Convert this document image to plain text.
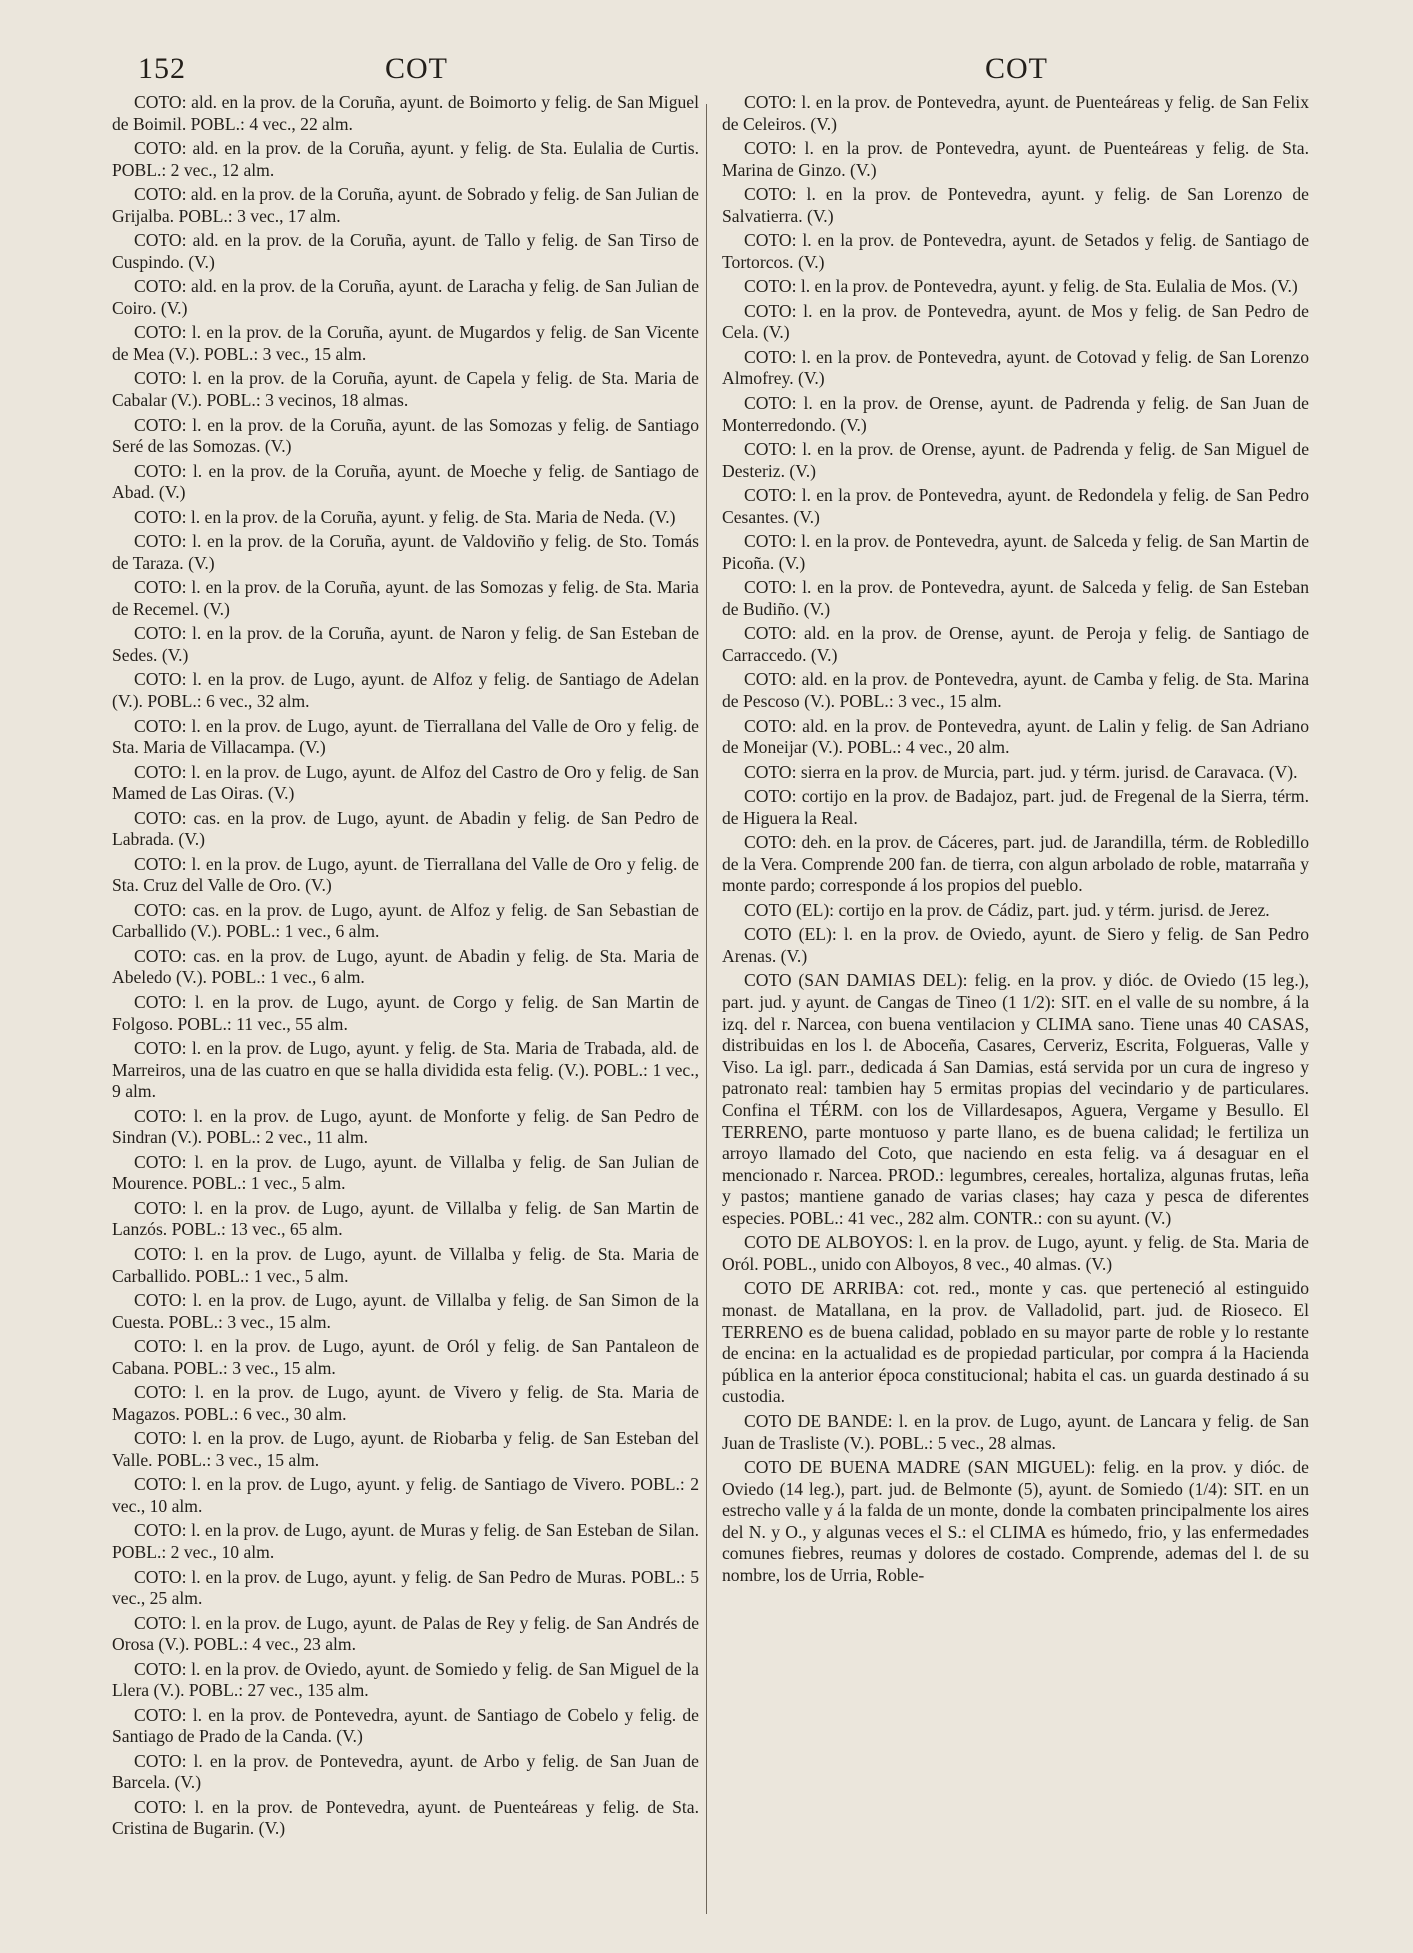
152	COT	COT

COTO: ald. en la prov. de la Coruña, ayunt. de Boimorto y felig. de San Miguel de Boimil. POBL.: 4 vec., 22 alm.

COTO: ald. en la prov. de la Coruña, ayunt. y felig. de Sta. Eulalia de Curtis. POBL.: 2 vec., 12 alm.

COTO: ald. en la prov. de la Coruña, ayunt. de Sobrado y felig. de San Julian de Grijalba. POBL.: 3 vec., 17 alm.

COTO: ald. en la prov. de la Coruña, ayunt. de Tallo y felig. de San Tirso de Cuspindo. (V.)

COTO: ald. en la prov. de la Coruña, ayunt. de Laracha y felig. de San Julian de Coiro. (V.)

COTO: l. en la prov. de la Coruña, ayunt. de Mugardos y felig. de San Vicente de Mea (V.). POBL.: 3 vec., 15 alm.

COTO: l. en la prov. de la Coruña, ayunt. de Capela y felig. de Sta. Maria de Cabalar (V.). POBL.: 3 vecinos, 18 almas.

COTO: l. en la prov. de la Coruña, ayunt. de las Somozas y felig. de Santiago Seré de las Somozas. (V.)

COTO: l. en la prov. de la Coruña, ayunt. de Moeche y felig. de Santiago de Abad. (V.)

COTO: l. en la prov. de la Coruña, ayunt. y felig. de Sta. Maria de Neda. (V.)

COTO: l. en la prov. de la Coruña, ayunt. de Valdoviño y felig. de Sto. Tomás de Taraza. (V.)

COTO: l. en la prov. de la Coruña, ayunt. de las Somozas y felig. de Sta. Maria de Recemel. (V.)

COTO: l. en la prov. de la Coruña, ayunt. de Naron y felig. de San Esteban de Sedes. (V.)

COTO: l. en la prov. de Lugo, ayunt. de Alfoz y felig. de Santiago de Adelan (V.). POBL.: 6 vec., 32 alm.

COTO: l. en la prov. de Lugo, ayunt. de Tierrallana del Valle de Oro y felig. de Sta. Maria de Villacampa. (V.)

COTO: l. en la prov. de Lugo, ayunt. de Alfoz del Castro de Oro y felig. de San Mamed de Las Oiras. (V.)

COTO: cas. en la prov. de Lugo, ayunt. de Abadin y felig. de San Pedro de Labrada. (V.)

COTO: l. en la prov. de Lugo, ayunt. de Tierrallana del Valle de Oro y felig. de Sta. Cruz del Valle de Oro. (V.)

COTO: cas. en la prov. de Lugo, ayunt. de Alfoz y felig. de San Sebastian de Carballido (V.). POBL.: 1 vec., 6 alm.

COTO: cas. en la prov. de Lugo, ayunt. de Abadin y felig. de Sta. Maria de Abeledo (V.). POBL.: 1 vec., 6 alm.

COTO: l. en la prov. de Lugo, ayunt. de Corgo y felig. de San Martin de Folgoso. POBL.: 11 vec., 55 alm.

COTO: l. en la prov. de Lugo, ayunt. y felig. de Sta. Maria de Trabada, ald. de Marreiros, una de las cuatro en que se halla dividida esta felig. (V.). POBL.: 1 vec., 9 alm.

COTO: l. en la prov. de Lugo, ayunt. de Monforte y felig. de San Pedro de Sindran (V.). POBL.: 2 vec., 11 alm.

COTO: l. en la prov. de Lugo, ayunt. de Villalba y felig. de San Julian de Mourence. POBL.: 1 vec., 5 alm.

COTO: l. en la prov. de Lugo, ayunt. de Villalba y felig. de San Martin de Lanzós. POBL.: 13 vec., 65 alm.

COTO: l. en la prov. de Lugo, ayunt. de Villalba y felig. de Sta. Maria de Carballido. POBL.: 1 vec., 5 alm.

COTO: l. en la prov. de Lugo, ayunt. de Villalba y felig. de San Simon de la Cuesta. POBL.: 3 vec., 15 alm.

COTO: l. en la prov. de Lugo, ayunt. de Oról y felig. de San Pantaleon de Cabana. POBL.: 3 vec., 15 alm.

COTO: l. en la prov. de Lugo, ayunt. de Vivero y felig. de Sta. Maria de Magazos. POBL.: 6 vec., 30 alm.

COTO: l. en la prov. de Lugo, ayunt. de Riobarba y felig. de San Esteban del Valle. POBL.: 3 vec., 15 alm.

COTO: l. en la prov. de Lugo, ayunt. y felig. de Santiago de Vivero. POBL.: 2 vec., 10 alm.

COTO: l. en la prov. de Lugo, ayunt. de Muras y felig. de San Esteban de Silan. POBL.: 2 vec., 10 alm.

COTO: l. en la prov. de Lugo, ayunt. y felig. de San Pedro de Muras. POBL.: 5 vec., 25 alm.

COTO: l. en la prov. de Lugo, ayunt. de Palas de Rey y felig. de San Andrés de Orosa (V.). POBL.: 4 vec., 23 alm.

COTO: l. en la prov. de Oviedo, ayunt. de Somiedo y felig. de San Miguel de la Llera (V.). POBL.: 27 vec., 135 alm.

COTO: l. en la prov. de Pontevedra, ayunt. de Santiago de Cobelo y felig. de Santiago de Prado de la Canda. (V.)

COTO: l. en la prov. de Pontevedra, ayunt. de Arbo y felig. de San Juan de Barcela. (V.)

COTO: l. en la prov. de Pontevedra, ayunt. de Puenteáreas y felig. de Sta. Cristina de Bugarin. (V.)

COTO: l. en la prov. de Pontevedra, ayunt. de Puenteáreas y felig. de San Felix de Celeiros. (V.)

COTO: l. en la prov. de Pontevedra, ayunt. de Puenteáreas y felig. de Sta. Marina de Ginzo. (V.)

COTO: l. en la prov. de Pontevedra, ayunt. y felig. de San Lorenzo de Salvatierra. (V.)

COTO: l. en la prov. de Pontevedra, ayunt. de Setados y felig. de Santiago de Tortorcos. (V.)

COTO: l. en la prov. de Pontevedra, ayunt. y felig. de Sta. Eulalia de Mos. (V.)

COTO: l. en la prov. de Pontevedra, ayunt. de Mos y felig. de San Pedro de Cela. (V.)

COTO: l. en la prov. de Pontevedra, ayunt. de Cotovad y felig. de San Lorenzo Almofrey. (V.)

COTO: l. en la prov. de Orense, ayunt. de Padrenda y felig. de San Juan de Monterredondo. (V.)

COTO: l. en la prov. de Orense, ayunt. de Padrenda y felig. de San Miguel de Desteriz. (V.)

COTO: l. en la prov. de Pontevedra, ayunt. de Redondela y felig. de San Pedro Cesantes. (V.)

COTO: l. en la prov. de Pontevedra, ayunt. de Salceda y felig. de San Martin de Picoña. (V.)

COTO: l. en la prov. de Pontevedra, ayunt. de Salceda y felig. de San Esteban de Budiño. (V.)

COTO: ald. en la prov. de Orense, ayunt. de Peroja y felig. de Santiago de Carraccedo. (V.)

COTO: ald. en la prov. de Pontevedra, ayunt. de Camba y felig. de Sta. Marina de Pescoso (V.). POBL.: 3 vec., 15 alm.

COTO: ald. en la prov. de Pontevedra, ayunt. de Lalin y felig. de San Adriano de Moneijar (V.). POBL.: 4 vec., 20 alm.

COTO: sierra en la prov. de Murcia, part. jud. y térm. jurisd. de Caravaca. (V).

COTO: cortijo en la prov. de Badajoz, part. jud. de Fregenal de la Sierra, térm. de Higuera la Real.

COTO: deh. en la prov. de Cáceres, part. jud. de Jarandilla, térm. de Robledillo de la Vera. Comprende 200 fan. de tierra, con algun arbolado de roble, matarraña y monte pardo; corresponde á los propios del pueblo.

COTO (EL): cortijo en la prov. de Cádiz, part. jud. y térm. jurisd. de Jerez.

COTO (EL): l. en la prov. de Oviedo, ayunt. de Siero y felig. de San Pedro Arenas. (V.)

COTO (SAN DAMIAS DEL): felig. en la prov. y dióc. de Oviedo (15 leg.), part. jud. y ayunt. de Cangas de Tineo (1 1/2): SIT. en el valle de su nombre, á la izq. del r. Narcea, con buena ventilacion y CLIMA sano. Tiene unas 40 CASAS, distribuidas en los l. de Aboceña, Casares, Cerveriz, Escrita, Folgueras, Valle y Viso. La igl. parr., dedicada á San Damias, está servida por un cura de ingreso y patronato real: tambien hay 5 ermitas propias del vecindario y de particulares. Confina el TÉRM. con los de Villardesapos, Aguera, Vergame y Besullo. El TERRENO, parte montuoso y parte llano, es de buena calidad; le fertiliza un arroyo llamado del Coto, que naciendo en esta felig. va á desaguar en el mencionado r. Narcea. PROD.: legumbres, cereales, hortaliza, algunas frutas, leña y pastos; mantiene ganado de varias clases; hay caza y pesca de diferentes especies. POBL.: 41 vec., 282 alm. CONTR.: con su ayunt. (V.)

COTO DE ALBOYOS: l. en la prov. de Lugo, ayunt. y felig. de Sta. Maria de Oról. POBL., unido con Alboyos, 8 vec., 40 almas. (V.)

COTO DE ARRIBA: cot. red., monte y cas. que perteneció al estinguido monast. de Matallana, en la prov. de Valladolid, part. jud. de Rioseco. El TERRENO es de buena calidad, poblado en su mayor parte de roble y lo restante de encina: en la actualidad es de propiedad particular, por compra á la Hacienda pública en la anterior época constitucional; habita el cas. un guarda destinado á su custodia.

COTO DE BANDE: l. en la prov. de Lugo, ayunt. de Lancara y felig. de San Juan de Trasliste (V.). POBL.: 5 vec., 28 almas.

COTO DE BUENA MADRE (SAN MIGUEL): felig. en la prov. y dióc. de Oviedo (14 leg.), part. jud. de Belmonte (5), ayunt. de Somiedo (1/4): SIT. en un estrecho valle y á la falda de un monte, donde la combaten principalmente los aires del N. y O., y algunas veces el S.: el CLIMA es húmedo, frio, y las enfermedades comunes fiebres, reumas y dolores de costado. Comprende, ademas del l. de su nombre, los de Urria, Roble-
